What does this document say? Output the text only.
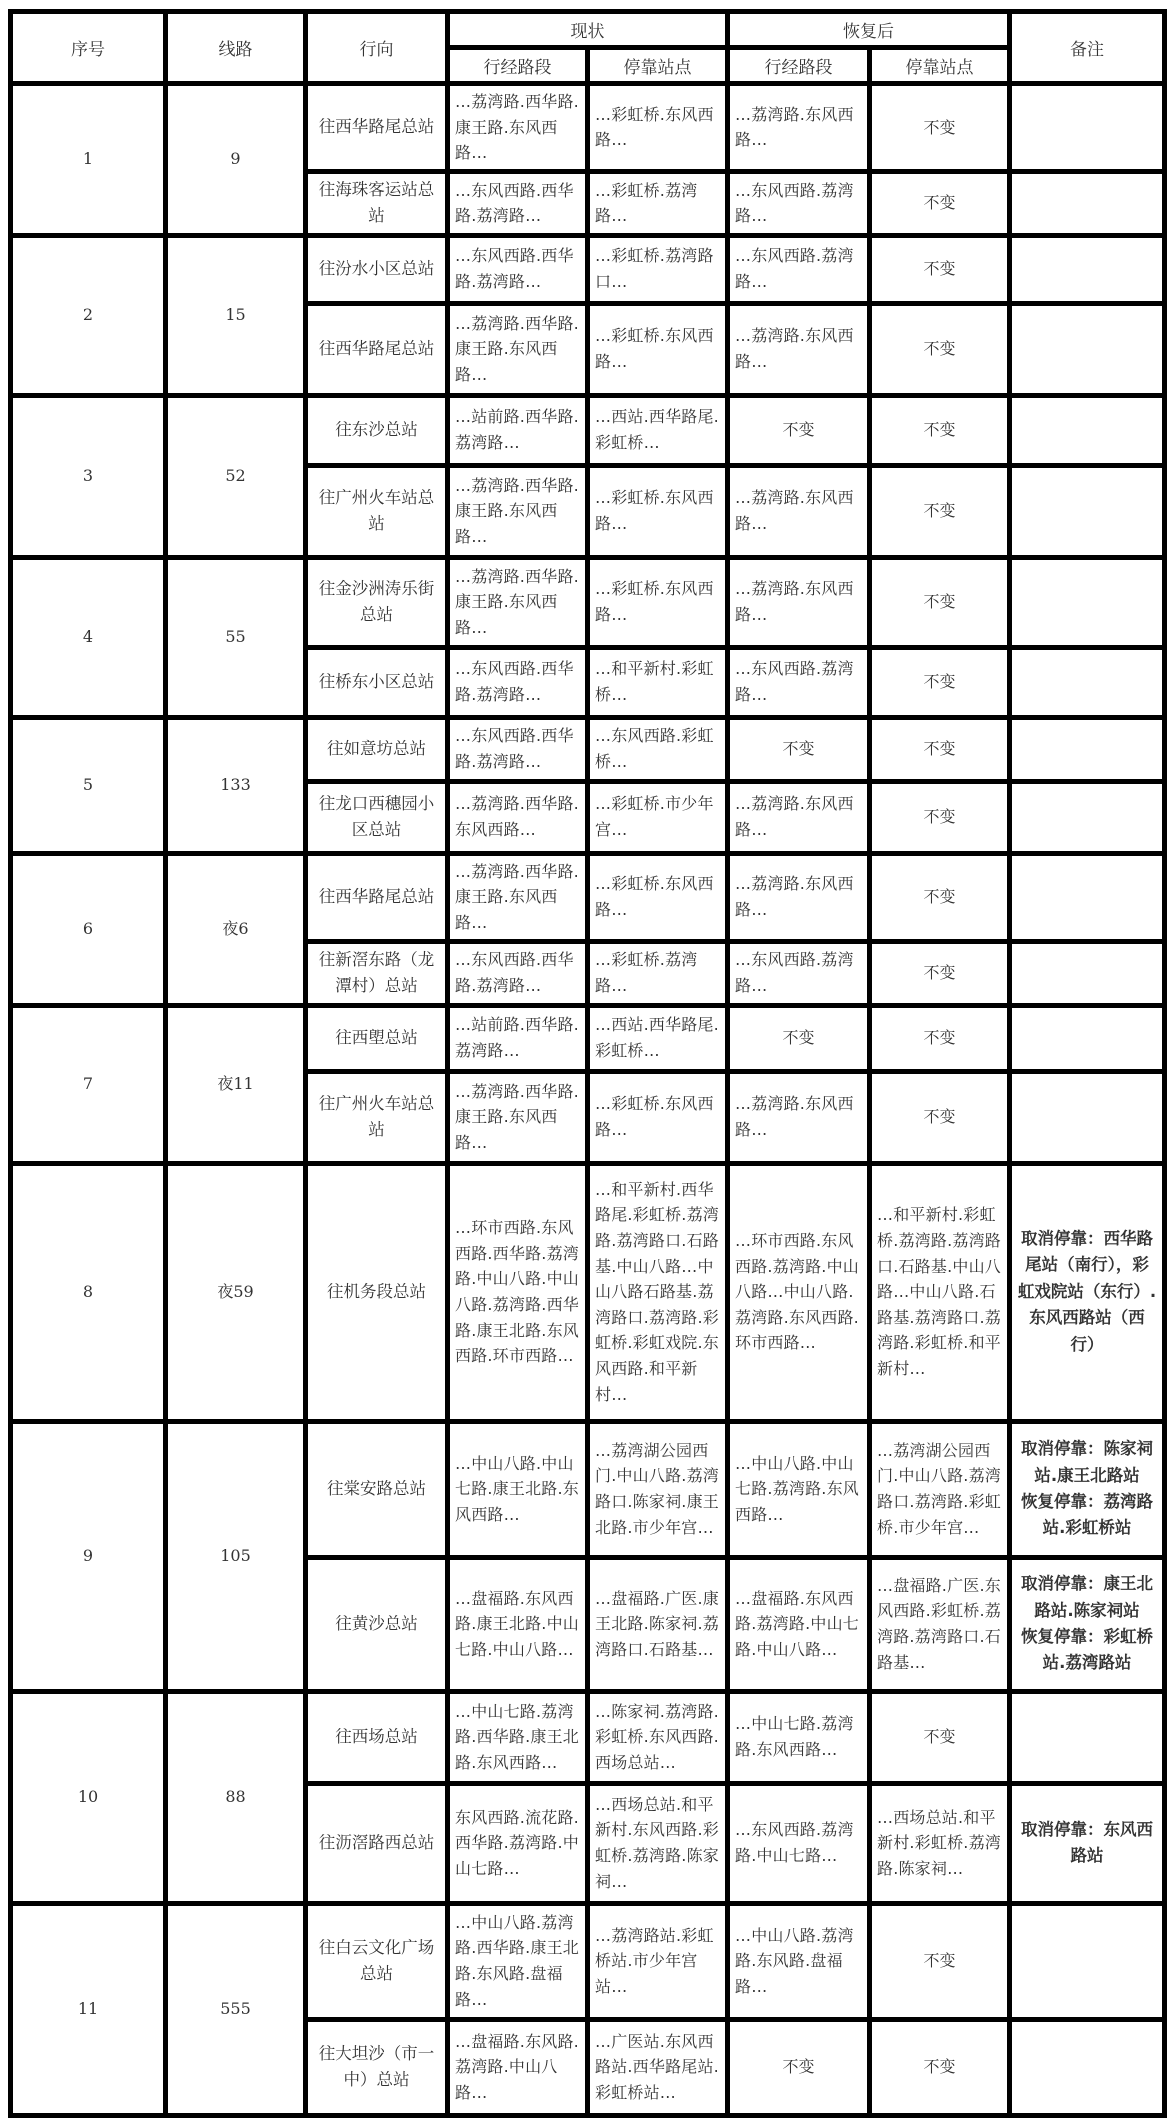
序号	线路	行向	现状		恢复后		备注
			行经路段	停靠站点	行经路段	停靠站点	

1	9	往西华路尾总站	…荔湾路.西华路.康王路.东风西路…	…彩虹桥.东风西路…	…荔湾路.东风西路…	不变	

		往海珠客运站总站	…东风西路.西华路.荔湾路…	…彩虹桥.荔湾路…	…东风西路.荔湾路…	不变	

2	15	往汾水小区总站	…东风西路.西华路.荔湾路…	…彩虹桥.荔湾路口…	…东风西路.荔湾路…	不变	

		往西华路尾总站	…荔湾路.西华路.康王路.东风西路…	…彩虹桥.东风西路…	…荔湾路.东风西路…	不变	

3	52	往东沙总站	…站前路.西华路.荔湾路…	…西站.西华路尾.彩虹桥…	不变	不变	

		往广州火车站总站	…荔湾路.西华路.康王路.东风西路…	…彩虹桥.东风西路…	…荔湾路.东风西路…	不变	

4	55	往金沙洲涛乐街总站	…荔湾路.西华路.康王路.东风西路…	…彩虹桥.东风西路…	…荔湾路.东风西路…	不变	

		往桥东小区总站	…东风西路.西华路.荔湾路…	…和平新村.彩虹桥…	…东风西路.荔湾路…	不变	

5	133	往如意坊总站	…东风西路.西华路.荔湾路…	…东风西路.彩虹桥…	不变	不变	

		往龙口西穗园小区总站	…荔湾路.西华路.东风西路…	…彩虹桥.市少年宫…	…荔湾路.东风西路…	不变	

6	夜6	往西华路尾总站	…荔湾路.西华路.康王路.东风西路…	…彩虹桥.东风西路…	…荔湾路.东风西路…	不变	

		往新滘东路（龙潭村）总站	…东风西路.西华路.荔湾路…	…彩虹桥.荔湾路…	…东风西路.荔湾路…	不变	

7	夜11	往西塱总站	…站前路.西华路.荔湾路…	…西站.西华路尾.彩虹桥…	不变	不变	

		往广州火车站总站	…荔湾路.西华路.康王路.东风西路…	…彩虹桥.东风西路…	…荔湾路.东风西路…	不变	

8	夜59	往机务段总站	…环市西路.东风西路.西华路.荔湾路.中山八路.中山八路.荔湾路.西华路.康王北路.东风西路.环市西路…	…和平新村.西华路尾.彩虹桥.荔湾路.荔湾路口.石路基.中山八路…中山八路石路基.荔湾路口.荔湾路.彩虹桥.彩虹戏院.东风西路.和平新村…	…环市西路.东风西路.荔湾路.中山八路…中山八路.荔湾路.东风西路.环市西路…	…和平新村.彩虹桥.荔湾路.荔湾路口.石路基.中山八路…中山八路.石路基.荔湾路口.荔湾路.彩虹桥.和平新村…	取消停靠：西华路尾站（南行），彩虹戏院站（东行）.东风西路站（西行）

9	105	往棠安路总站	…中山八路.中山七路.康王北路.东风西路…	…荔湾湖公园西门.中山八路.荔湾路口.陈家祠.康王北路.市少年宫…	…中山八路.中山七路.荔湾路.东风西路…	…荔湾湖公园西门.中山八路.荔湾路口.荔湾路.彩虹桥.市少年宫…	取消停靠：陈家祠站.康王北路站
恢复停靠：荔湾路站.彩虹桥站

		往黄沙总站	…盘福路.东风西路.康王北路.中山七路.中山八路…	…盘福路.广医.康王北路.陈家祠.荔湾路口.石路基…	…盘福路.东风西路.荔湾路.中山七路.中山八路…	…盘福路.广医.东风西路.彩虹桥.荔湾路.荔湾路口.石路基…	取消停靠：康王北路站.陈家祠站
恢复停靠：彩虹桥站.荔湾路站

10	88	往西场总站	…中山七路.荔湾路.西华路.康王北路.东风西路…	…陈家祠.荔湾路.彩虹桥.东风西路.西场总站…	…中山七路.荔湾路.东风西路…	不变	

		往沥滘路西总站	东风西路.流花路.西华路.荔湾路.中山七路…	…西场总站.和平新村.东风西路.彩虹桥.荔湾路.陈家祠…	…东风西路.荔湾路.中山七路…	…西场总站.和平新村.彩虹桥.荔湾路.陈家祠…	取消停靠：东风西路站

11	555	往白云文化广场总站	…中山八路.荔湾路.西华路.康王北路.东风路.盘福路…	…荔湾路站.彩虹桥站.市少年宫站…	…中山八路.荔湾路.东风路.盘福路…	不变	

		往大坦沙（市一中）总站	…盘福路.东风路.荔湾路.中山八路…	…广医站.东风西路站.西华路尾站.彩虹桥站…	不变	不变	
